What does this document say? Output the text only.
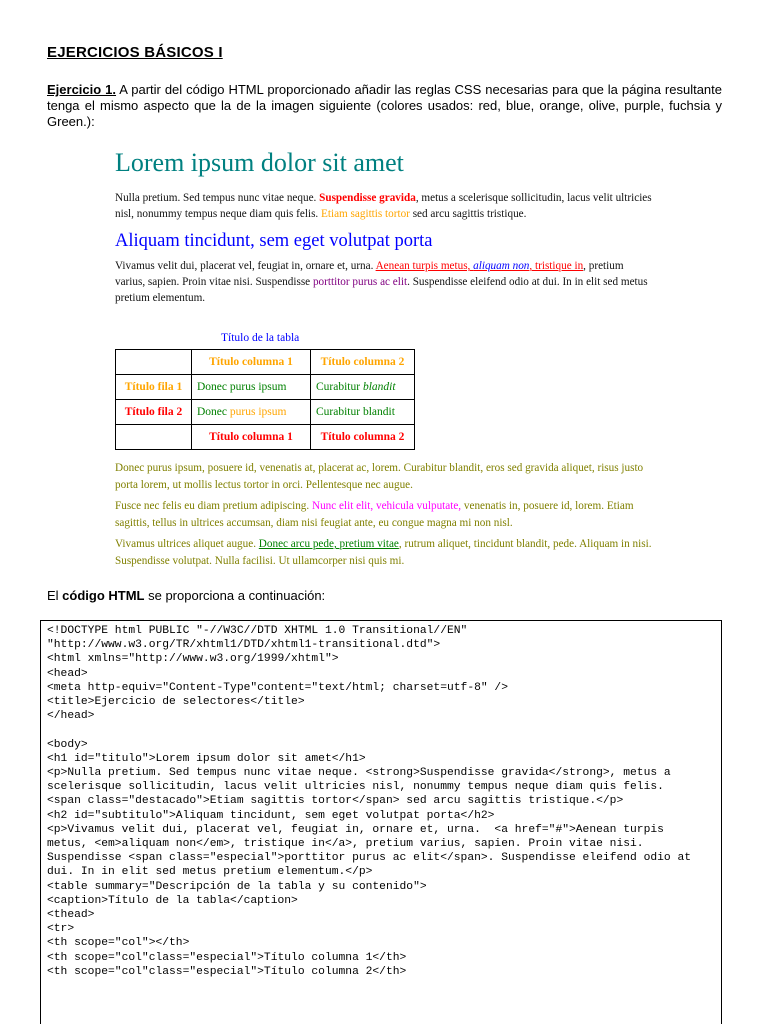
EJERCICIOS BÁSICOS I

Ejercicio 1. A partir del código HTML proporcionado añadir las reglas CSS necesarias para que la página resultante tenga el mismo aspecto que la de la imagen siguiente (colores usados: red, blue, orange, olive, purple, fuchsia y Green.):

Lorem ipsum dolor sit amet

Nulla pretium. Sed tempus nunc vitae neque. Suspendisse gravida, metus a scelerisque sollicitudin, lacus velit ultricies nisl, nonummy tempus neque diam quis felis. Etiam sagittis tortor sed arcu sagittis tristique.

Aliquam tincidunt, sem eget volutpat porta

Vivamus velit dui, placerat vel, feugiat in, ornare et, urna. Aenean turpis metus, aliquam non, tristique in, pretium varius, sapien. Proin vitae nisi. Suspendisse porttitor purus ac elit. Suspendisse eleifend odio at dui. In in elit sed metus pretium elementum.

Título de la tabla
	Título columna 1	Título columna 2
Título fila 1	Donec purus ipsum	Curabitur blandit
Título fila 2	Donec purus ipsum	Curabitur blandit
	Título columna 1	Título columna 2

Donec purus ipsum, posuere id, venenatis at, placerat ac, lorem. Curabitur blandit, eros sed gravida aliquet, risus justo porta lorem, ut mollis lectus tortor in orci. Pellentesque nec augue.

Fusce nec felis eu diam pretium adipiscing. Nunc elit elit, vehicula vulputate, venenatis in, posuere id, lorem. Etiam sagittis, tellus in ultrices accumsan, diam nisi feugiat ante, eu congue magna mi non nisl.

Vivamus ultrices aliquet augue. Donec arcu pede, pretium vitae, rutrum aliquet, tincidunt blandit, pede. Aliquam in nisi. Suspendisse volutpat. Nulla facilisi. Ut ullamcorper nisi quis mi.

El código HTML se proporciona a continuación:

<!DOCTYPE html PUBLIC "-//W3C//DTD XHTML 1.0 Transitional//EN"
"http://www.w3.org/TR/xhtml1/DTD/xhtml1-transitional.dtd">
<html xmlns="http://www.w3.org/1999/xhtml">
<head>
<meta http-equiv="Content-Type"content="text/html; charset=utf-8" />
<title>Ejercicio de selectores</title>
</head>

<body>
<h1 id="titulo">Lorem ipsum dolor sit amet</h1>
<p>Nulla pretium. Sed tempus nunc vitae neque. <strong>Suspendisse gravida</strong>, metus a
scelerisque sollicitudin, lacus velit ultricies nisl, nonummy tempus neque diam quis felis.
<span class="destacado">Etiam sagittis tortor</span> sed arcu sagittis tristique.</p>
<h2 id="subtitulo">Aliquam tincidunt, sem eget volutpat porta</h2>
<p>Vivamus velit dui, placerat vel, feugiat in, ornare et, urna.  <a href="#">Aenean turpis
metus, <em>aliquam non</em>, tristique in</a>, pretium varius, sapien. Proin vitae nisi.
Suspendisse <span class="especial">porttitor purus ac elit</span>. Suspendisse eleifend odio at
dui. In in elit sed metus pretium elementum.</p>
<table summary="Descripción de la tabla y su contenido">
<caption>Título de la tabla</caption>
<thead>
<tr>
<th scope="col"></th>
<th scope="col"class="especial">Título columna 1</th>
<th scope="col"class="especial">Título columna 2</th>
